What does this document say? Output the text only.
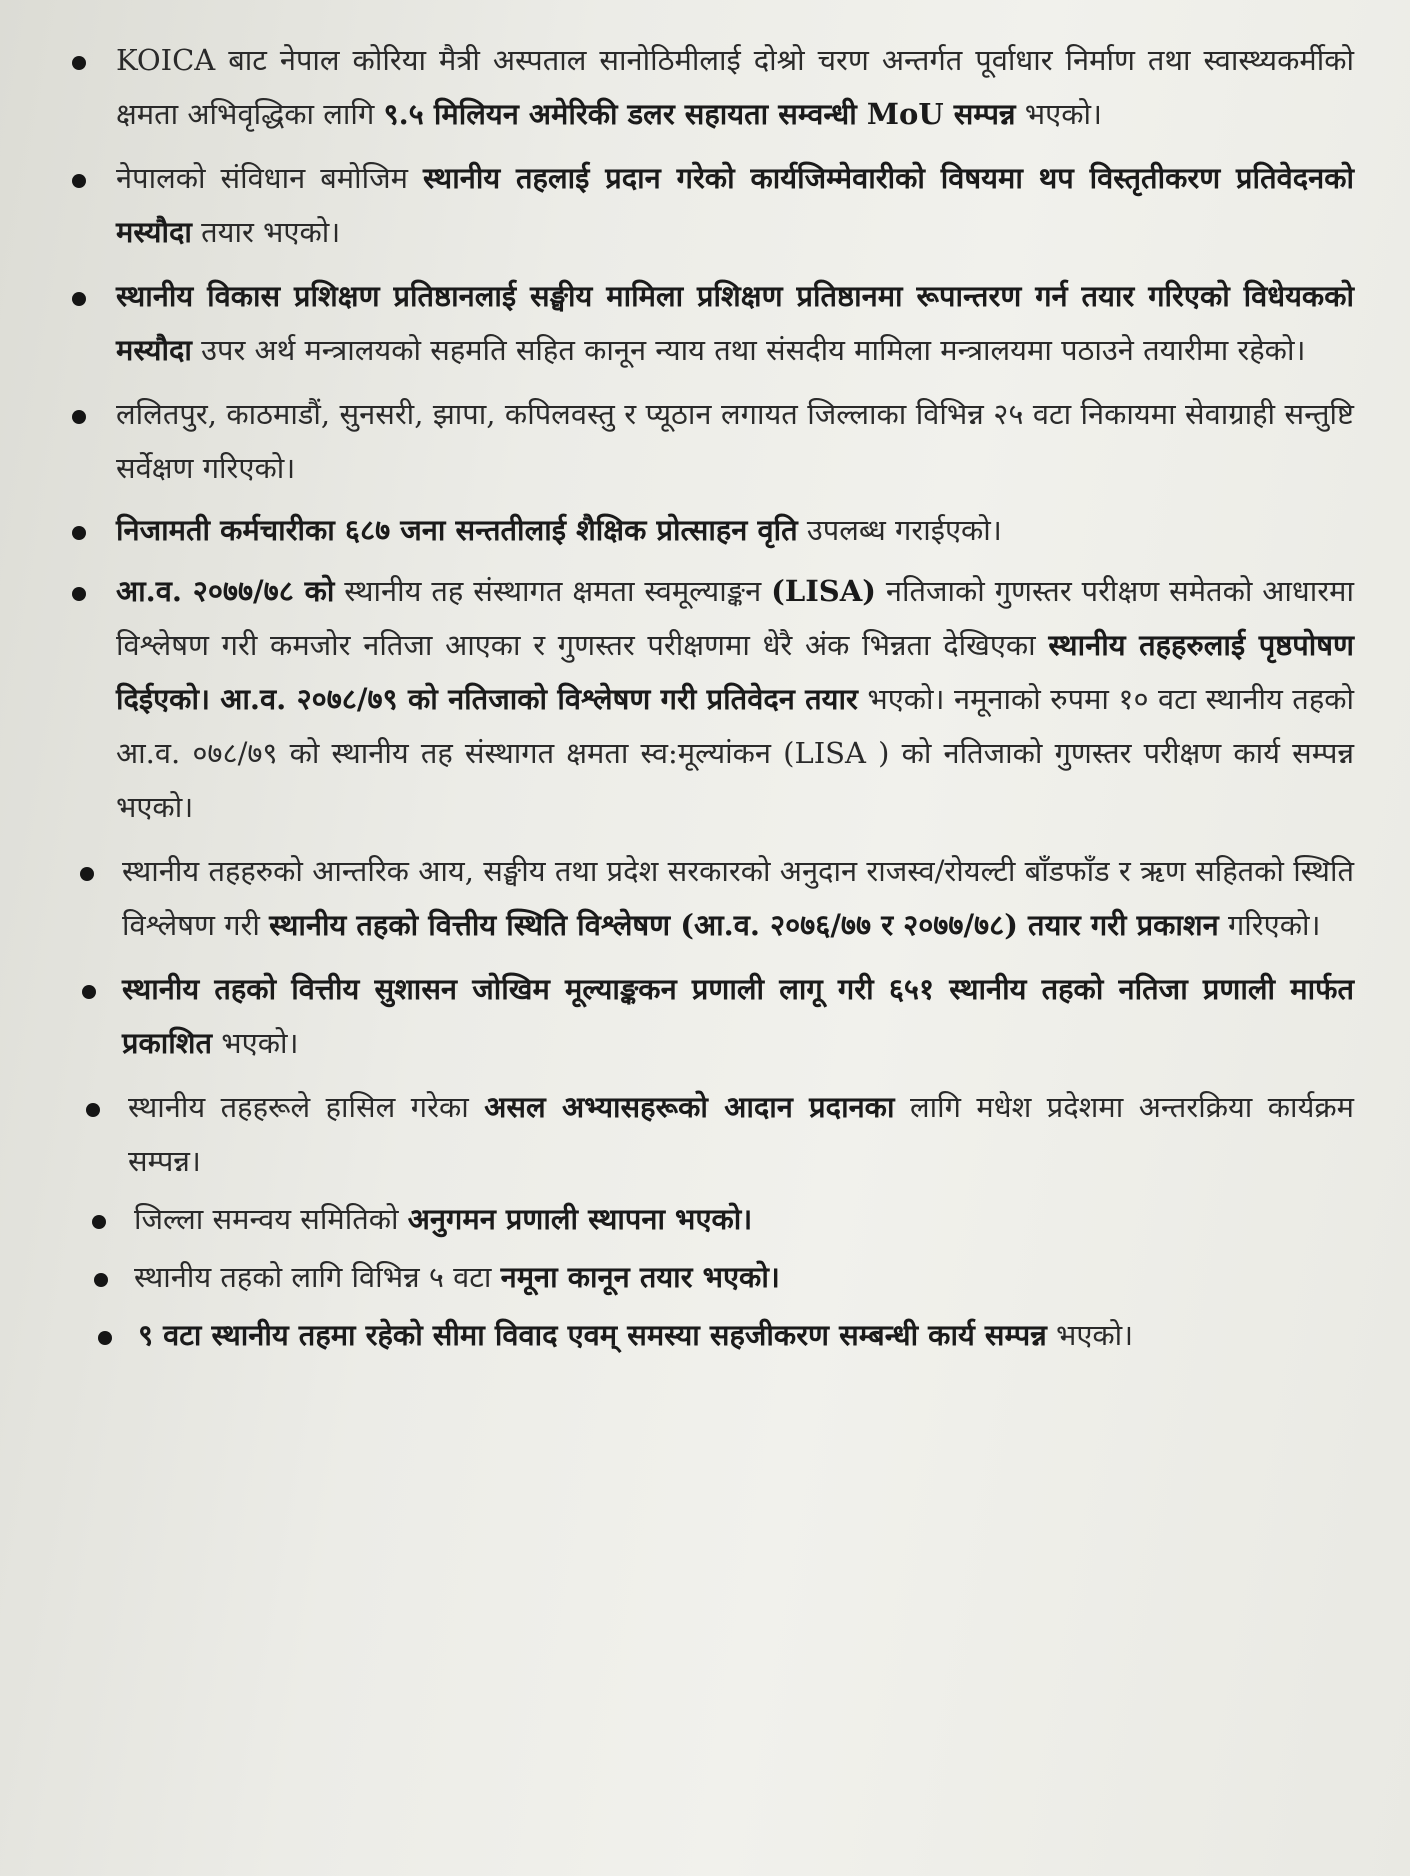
KOICA बाट नेपाल कोरिया मैत्री अस्पताल सानोठिमीलाई दोश्रो चरण अन्तर्गत पूर्वाधार निर्माण तथा स्वास्थ्यकर्मीको क्षमता अभिवृद्धिका लागि ९.५ मिलियन अमेरिकी डलर सहायता सम्वन्धी MoU सम्पन्न भएको।
नेपालको संविधान बमोजिम स्थानीय तहलाई प्रदान गरेको कार्यजिम्मेवारीको विषयमा थप विस्तृतीकरण प्रतिवेदनको मस्यौदा तयार भएको।
स्थानीय विकास प्रशिक्षण प्रतिष्ठानलाई सङ्घीय मामिला प्रशिक्षण प्रतिष्ठानमा रूपान्तरण गर्न तयार गरिएको विधेयकको मस्यौदा उपर अर्थ मन्त्रालयको सहमति सहित कानून न्याय तथा संसदीय मामिला मन्त्रालयमा पठाउने तयारीमा रहेको।
ललितपुर, काठमाडौं, सुनसरी, झापा, कपिलवस्तु र प्यूठान लगायत जिल्लाका विभिन्न २५ वटा निकायमा सेवाग्राही सन्तुष्टि सर्वेक्षण गरिएको।
निजामती कर्मचारीका ६८७ जना सन्ततीलाई शैक्षिक प्रोत्साहन वृति उपलब्ध गराईएको।
आ.व. २०७७/७८ को स्थानीय तह संस्थागत क्षमता स्वमूल्याङ्कन (LISA) नतिजाको गुणस्तर परीक्षण समेतको आधारमा विश्लेषण गरी कमजोर नतिजा आएका र गुणस्तर परीक्षणमा धेरै अंक भिन्नता देखिएका स्थानीय तहहरुलाई पृष्ठपोषण दिईएको। आ.व. २०७८/७९ को नतिजाको विश्लेषण गरी प्रतिवेदन तयार भएको। नमूनाको रुपमा १० वटा स्थानीय तहको आ.व. ०७८/७९ को स्थानीय तह संस्थागत क्षमता स्व:मूल्यांकन (LISA ) को नतिजाको गुणस्तर परीक्षण कार्य सम्पन्न भएको।
स्थानीय तहहरुको आन्तरिक आय, सङ्घीय तथा प्रदेश सरकारको अनुदान राजस्व/रोयल्टी बाँडफाँड र ऋण सहितको स्थिति विश्लेषण गरी स्थानीय तहको वित्तीय स्थिति विश्लेषण (आ.व. २०७६/७७ र २०७७/७८) तयार गरी प्रकाशन गरिएको।
स्थानीय तहको वित्तीय सुशासन जोखिम मूल्याङ्ककन प्रणाली लागू गरी ६५१ स्थानीय तहको नतिजा प्रणाली मार्फत प्रकाशित भएको।
स्थानीय तहहरूले हासिल गरेका असल अभ्यासहरूको आदान प्रदानका लागि मधेश प्रदेशमा अन्तरक्रिया कार्यक्रम सम्पन्न।
जिल्ला समन्वय समितिको अनुगमन प्रणाली स्थापना भएको।
स्थानीय तहको लागि विभिन्न ५ वटा नमूना कानून तयार भएको।
९ वटा स्थानीय तहमा रहेको सीमा विवाद एवम् समस्या सहजीकरण सम्बन्धी कार्य सम्पन्न भएको।
